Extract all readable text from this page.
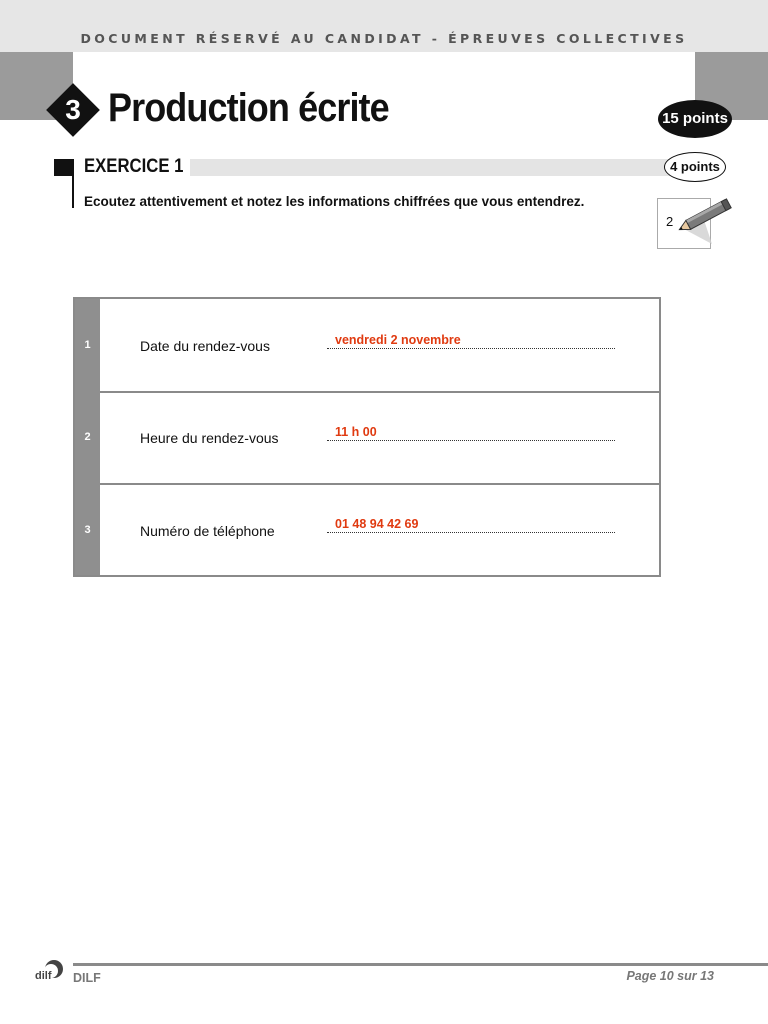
DOCUMENT RÉSERVÉ AU CANDIDAT - ÉPREUVES COLLECTIVES
3 Production écrite	15 points
EXERCICE 1	4 points
Ecoutez attentivement et notez les informations chiffrées que vous entendrez.
2
1	Date du rendez-vous	vendredi 2 novembre
2	Heure du rendez-vous	11 h 00
3	Numéro de téléphone	01 48 94 42 69
dilf DILF	Page 10 sur 13
